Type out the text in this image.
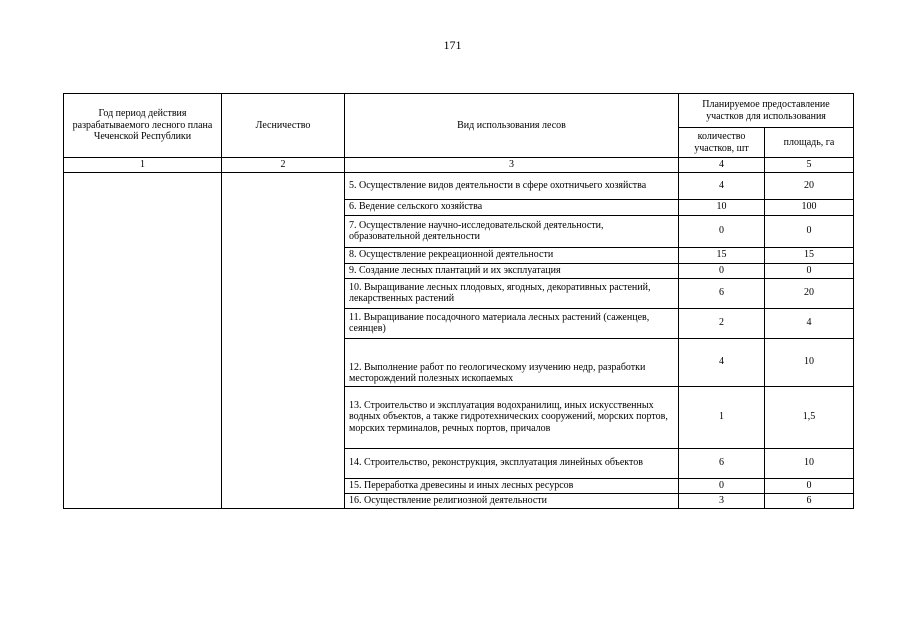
171
Год период действия разрабатываемого лесного плана Чеченской Республики	Лесничество	Вид использования лесов	Планируемое предоставление участков для использования	
			количество участков, шт	площадь, га
1	2	3	4	5
		5. Осуществление видов деятельности в сфере охотничьего хозяйства	4	20
		6. Ведение сельского хозяйства	10	100
		7. Осуществление научно-исследовательской деятельности, образовательной деятельности	0	0
		8. Осуществление рекреационной деятельности	15	15
		9. Создание лесных плантаций и их эксплуатация	0	0
		10. Выращивание лесных плодовых, ягодных, декоративных растений, лекарственных растений	6	20
		11. Выращивание посадочного материала лесных растений (саженцев, сеянцев)	2	4
		12. Выполнение работ по геологическому изучению недр, разработки месторождений полезных ископаемых	4	10
		13. Строительство и эксплуатация водохранилищ, иных искусственных водных объектов, а также гидротехнических сооружений, морских портов, морских терминалов, речных портов, причалов	1	1,5
		14. Строительство, реконструкция, эксплуатация линейных объектов	6	10
		15. Переработка древесины и иных лесных ресурсов	0	0
		16. Осуществление религиозной деятельности	3	6
